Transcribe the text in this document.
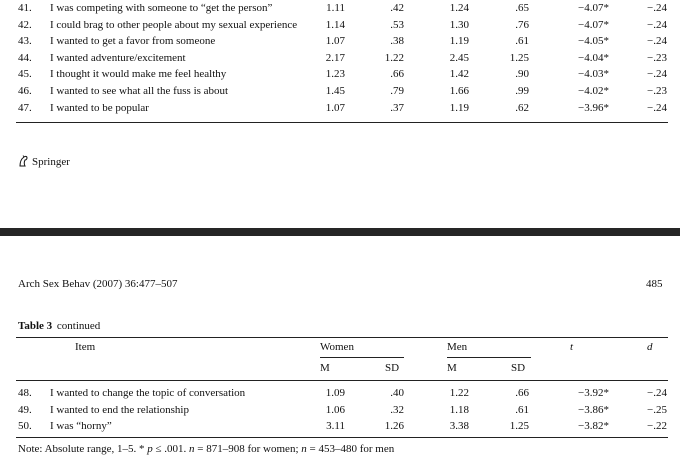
41.	I was competing with someone to “get the person”	1.11	.42	1.24	.65	−4.07*	−.24
42.	I could brag to other people about my sexual experience	1.14	.53	1.30	.76	−4.07*	−.24
43.	I wanted to get a favor from someone	1.07	.38	1.19	.61	−4.05*	−.24
44.	I wanted adventure/excitement	2.17	1.22	2.45	1.25	−4.04*	−.23
45.	I thought it would make me feel healthy	1.23	.66	1.42	.90	−4.03*	−.24
46.	I wanted to see what all the fuss is about	1.45	.79	1.66	.99	−4.02*	−.23
47.	I wanted to be popular	1.07	.37	1.19	.62	−3.96*	−.24
Springer
Arch Sex Behav (2007) 36:477–507	485
Table 3 continued
Item	Women	Men	t	d
M	SD	M	SD
48.	I wanted to change the topic of conversation	1.09	.40	1.22	.66	−3.92*	−.24
49.	I wanted to end the relationship	1.06	.32	1.18	.61	−3.86*	−.25
50.	I was “horny”	3.11	1.26	3.38	1.25	−3.82*	−.22
Note: Absolute range, 1–5. * p ≤ .001. n = 871–908 for women; n = 453–480 for men
